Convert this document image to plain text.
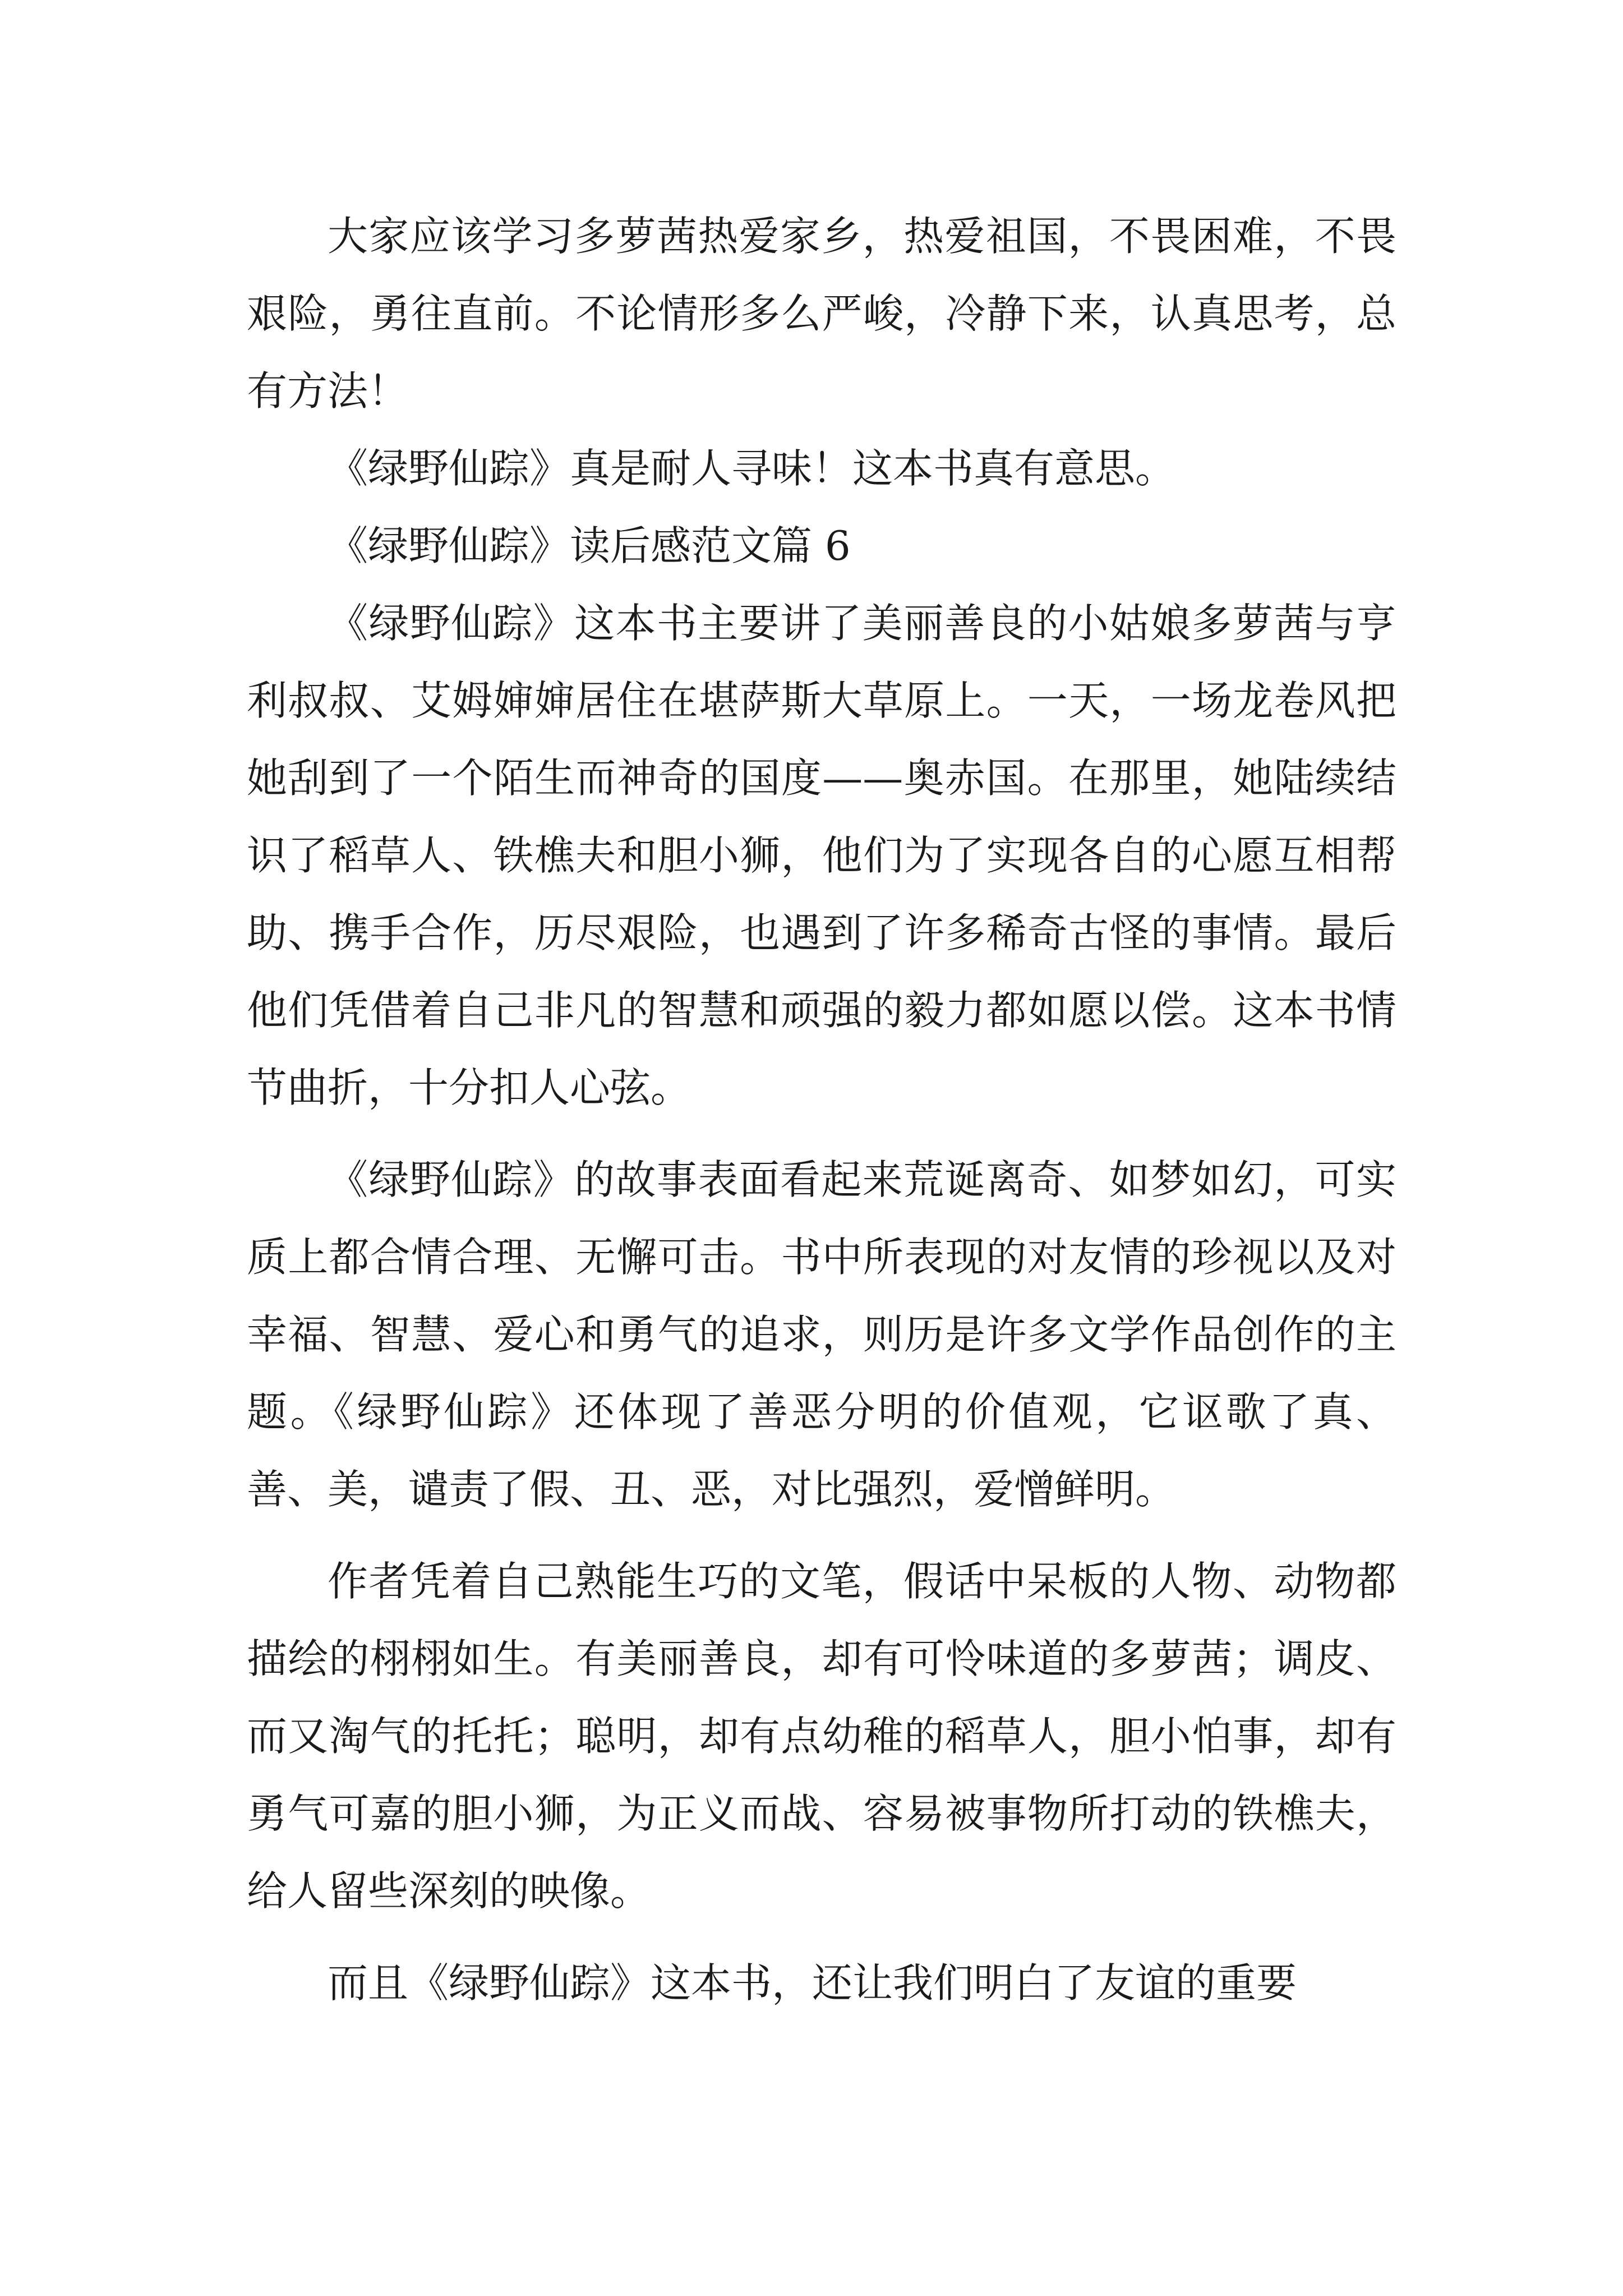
大家应该学习多萝茜热爱家乡，热爱祖国，不畏困难，不畏艰险，勇往直前。不论情形多么严峻，冷静下来，认真思考，总有方法！

《绿野仙踪》真是耐人寻味！这本书真有意思。

《绿野仙踪》读后感范文篇 6

《绿野仙踪》这本书主要讲了美丽善良的小姑娘多萝茜与亨利叔叔、艾姆婶婶居住在堪萨斯大草原上。一天，一场龙卷风把她刮到了一个陌生而神奇的国度——奥赤国。在那里，她陆续结识了稻草人、铁樵夫和胆小狮，他们为了实现各自的心愿互相帮助、携手合作，历尽艰险，也遇到了许多稀奇古怪的事情。最后他们凭借着自己非凡的智慧和顽强的毅力都如愿以偿。这本书情节曲折，十分扣人心弦。

《绿野仙踪》的故事表面看起来荒诞离奇、如梦如幻，可实质上都合情合理、无懈可击。书中所表现的对友情的珍视以及对幸福、智慧、爱心和勇气的追求，则历是许多文学作品创作的主题。《绿野仙踪》还体现了善恶分明的价值观，它讴歌了真、善、美，谴责了假、丑、恶，对比强烈，爱憎鲜明。

作者凭着自己熟能生巧的文笔，假话中呆板的人物、动物都描绘的栩栩如生。有美丽善良，却有可怜味道的多萝茜；调皮、而又淘气的托托；聪明，却有点幼稚的稻草人，胆小怕事，却有勇气可嘉的胆小狮，为正义而战、容易被事物所打动的铁樵夫，给人留些深刻的映像。

而且《绿野仙踪》这本书，还让我们明白了友谊的重要
